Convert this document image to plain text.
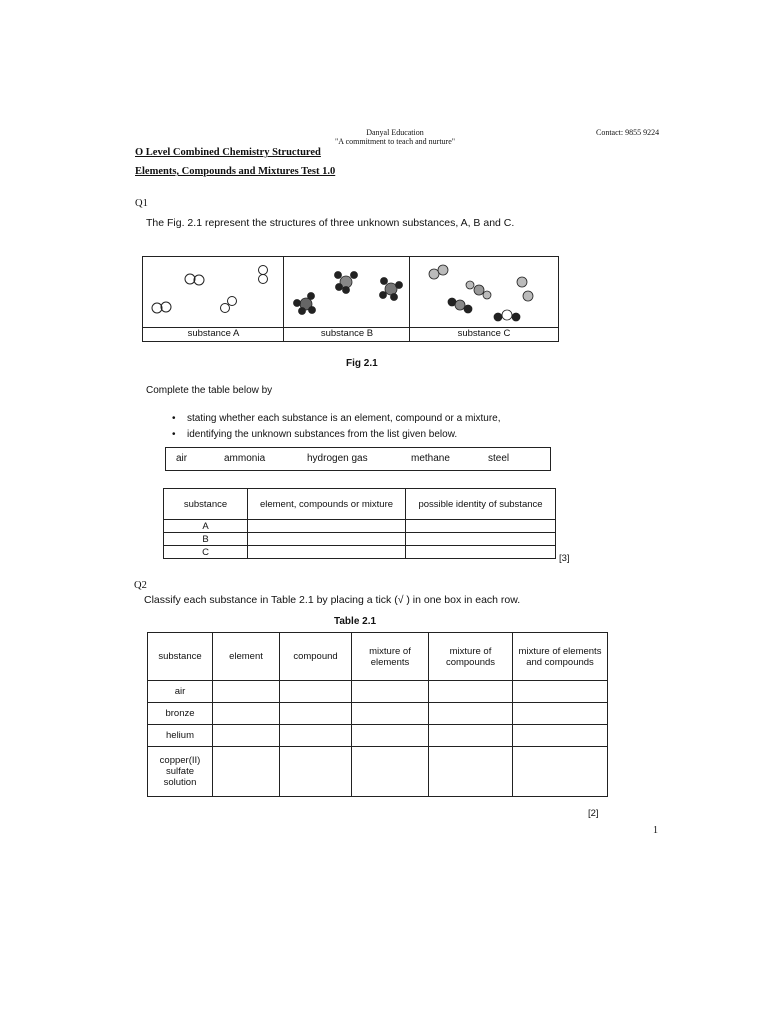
Danyal Education
"A commitment to teach and nurture"
Contact: 9855 9224
O Level Combined Chemistry Structured
Elements, Compounds and Mixtures Test 1.0
Q1
The Fig. 2.1 represent the structures of three unknown substances, A, B and C.
substance A	substance B	substance C
Fig 2.1
Complete the table below by
• stating whether each substance is an element, compound or a mixture,
• identifying the unknown substances from the list given below.
air	ammonia	hydrogen gas	methane	steel
substance	element, compounds or mixture	possible identity of substance
A		
B		
C		
[3]
Q2
Classify each substance in Table 2.1 by placing a tick (√ ) in one box in each row.
Table 2.1
substance	element	compound	mixture of elements	mixture of compounds	mixture of elements and compounds
air					
bronze					
helium					
copper(II) sulfate solution					
[2]
1
